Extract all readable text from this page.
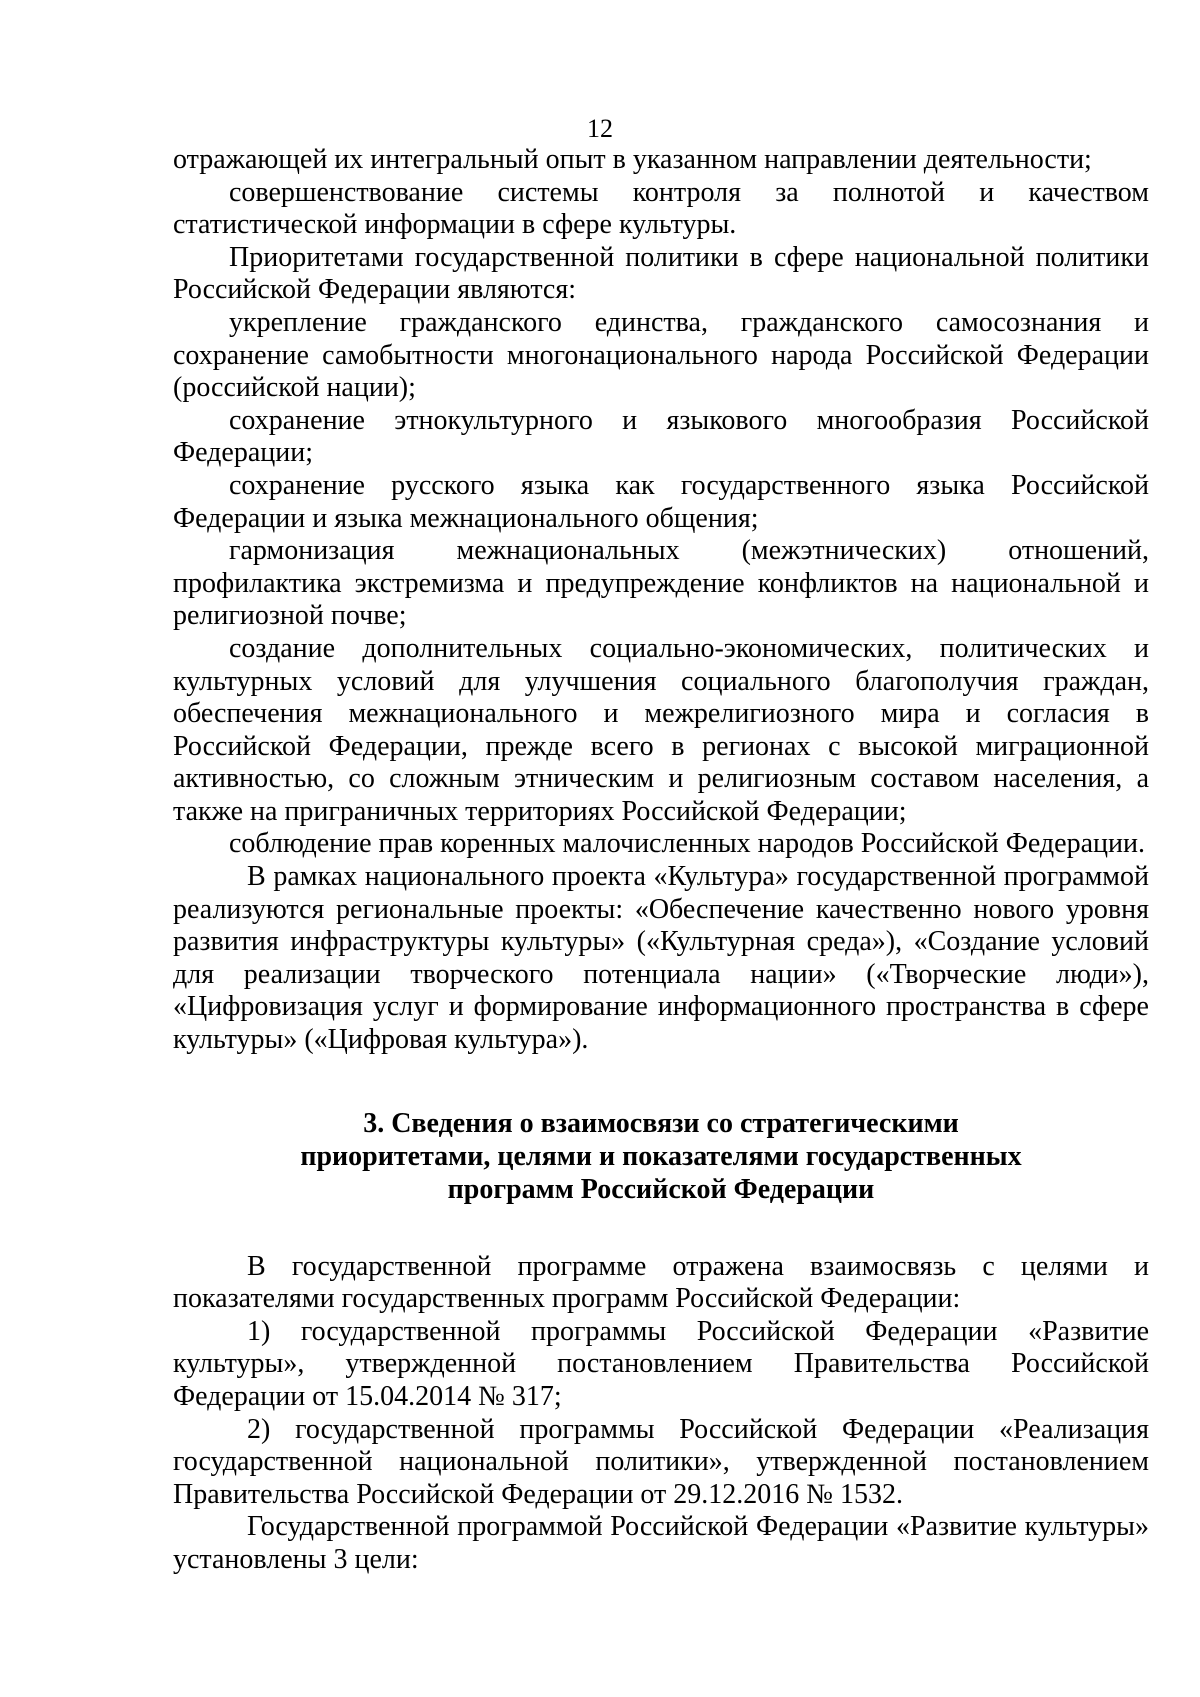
12

отражающей их интегральный опыт в указанном направлении деятельности;

совершенствование системы контроля за полнотой и качеством статистической информации в сфере культуры.

Приоритетами государственной политики в сфере национальной политики Российской Федерации являются:

укрепление гражданского единства, гражданского самосознания и сохранение самобытности многонационального народа Российской Федерации (российской нации);

сохранение этнокультурного и языкового многообразия Российской Федерации;

сохранение русского языка как государственного языка Российской Федерации и языка межнационального общения;

гармонизация межнациональных (межэтнических) отношений, профилактика экстремизма и предупреждение конфликтов на национальной и религиозной почве;

создание дополнительных социально-экономических, политических и культурных условий для улучшения социального благополучия граждан, обеспечения межнационального и межрелигиозного мира и согласия в Российской Федерации, прежде всего в регионах с высокой миграционной активностью, со сложным этническим и религиозным составом населения, а также на приграничных территориях Российской Федерации;

соблюдение прав коренных малочисленных народов Российской Федерации.

В рамках национального проекта «Культура» государственной программой реализуются региональные проекты: «Обеспечение качественно нового уровня развития инфраструктуры культуры» («Культурная среда»), «Создание условий для реализации творческого потенциала нации» («Творческие люди»), «Цифровизация услуг и формирование информационного пространства в сфере культуры» («Цифровая культура»).

3. Сведения о взаимосвязи со стратегическими
приоритетами, целями и показателями государственных
программ Российской Федерации

В государственной программе отражена взаимосвязь с целями и показателями государственных программ Российской Федерации:

1) государственной программы Российской Федерации «Развитие культуры», утвержденной постановлением Правительства Российской Федерации от 15.04.2014 № 317;

2) государственной программы Российской Федерации «Реализация государственной национальной политики», утвержденной постановлением Правительства Российской Федерации от 29.12.2016 № 1532.

Государственной программой Российской Федерации «Развитие культуры» установлены 3 цели:
